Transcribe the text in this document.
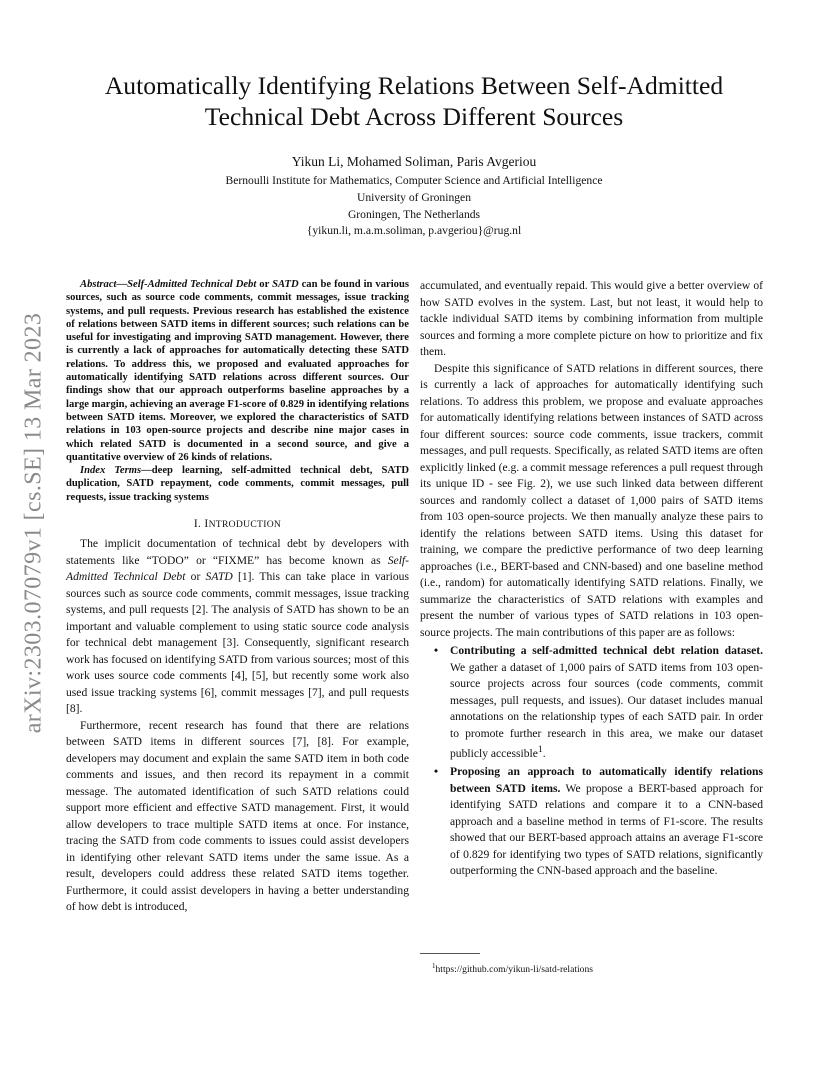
Automatically Identifying Relations Between Self-Admitted
Technical Debt Across Different Sources
Yikun Li, Mohamed Soliman, Paris Avgeriou
Bernoulli Institute for Mathematics, Computer Science and Artificial Intelligence
University of Groningen
Groningen, The Netherlands
{yikun.li, m.a.m.soliman, p.avgeriou}@rug.nl
arXiv:2303.07079v1 [cs.SE] 13 Mar 2023

Abstract—Self-Admitted Technical Debt or SATD can be found in various sources, such as source code comments, commit messages, issue tracking systems, and pull requests. Previous research has established the existence of relations between SATD items in different sources; such relations can be useful for investigating and improving SATD management. However, there is currently a lack of approaches for automatically detecting these SATD relations. To address this, we proposed and evaluated approaches for automatically identifying SATD relations across different sources. Our findings show that our approach outperforms baseline approaches by a large margin, achieving an average F1-score of 0.829 in identifying relations between SATD items. Moreover, we explored the characteristics of SATD relations in 103 open-source projects and describe nine major cases in which related SATD is documented in a second source, and give a quantitative overview of 26 kinds of relations.

Index Terms—deep learning, self-admitted technical debt, SATD duplication, SATD repayment, code comments, commit messages, pull requests, issue tracking systems

I. INTRODUCTION

The implicit documentation of technical debt by developers with statements like “TODO” or “FIXME” has become known as Self-Admitted Technical Debt or SATD [1]. This can take place in various sources such as source code comments, commit messages, issue tracking systems, and pull requests [2]. The analysis of SATD has shown to be an important and valuable complement to using static source code analysis for technical debt management [3]. Consequently, significant research work has focused on identifying SATD from various sources; most of this work uses source code comments [4], [5], but recently some work also used issue tracking systems [6], commit messages [7], and pull requests [8].

Furthermore, recent research has found that there are relations between SATD items in different sources [7], [8]. For example, developers may document and explain the same SATD item in both code comments and issues, and then record its repayment in a commit message. The automated identification of such SATD relations could support more efficient and effective SATD management. First, it would allow developers to trace multiple SATD items at once. For instance, tracing the SATD from code comments to issues could assist developers in identifying other relevant SATD items under the same issue. As a result, developers could address these related SATD items together. Furthermore, it could assist developers in having a better understanding of how debt is introduced,

accumulated, and eventually repaid. This would give a better overview of how SATD evolves in the system. Last, but not least, it would help to tackle individual SATD items by combining information from multiple sources and forming a more complete picture on how to prioritize and fix them.

Despite this significance of SATD relations in different sources, there is currently a lack of approaches for automatically identifying such relations. To address this problem, we propose and evaluate approaches for automatically identifying relations between instances of SATD across four different sources: source code comments, issue trackers, commit messages, and pull requests. Specifically, as related SATD items are often explicitly linked (e.g. a commit message references a pull request through its unique ID - see Fig. 2), we use such linked data between different sources and randomly collect a dataset of 1,000 pairs of SATD items from 103 open-source projects. We then manually analyze these pairs to identify the relations between SATD items. Using this dataset for training, we compare the predictive performance of two deep learning approaches (i.e., BERT-based and CNN-based) and one baseline method (i.e., random) for automatically identifying SATD relations. Finally, we summarize the characteristics of SATD relations with examples and present the number of various types of SATD relations in 103 open-source projects. The main contributions of this paper are as follows:

• Contributing a self-admitted technical debt relation dataset. We gather a dataset of 1,000 pairs of SATD items from 103 open-source projects across four sources (code comments, commit messages, pull requests, and issues). Our dataset includes manual annotations on the relationship types of each SATD pair. In order to promote further research in this area, we make our dataset publicly accessible$^1$.
• Proposing an approach to automatically identify relations between SATD items. We propose a BERT-based approach for identifying SATD relations and compare it to a CNN-based approach and a baseline method in terms of F1-score. The results showed that our BERT-based approach attains an average F1-score of 0.829 for identifying two types of SATD relations, significantly outperforming the CNN-based approach and the baseline.
$^1$https://github.com/yikun-li/satd-relations
